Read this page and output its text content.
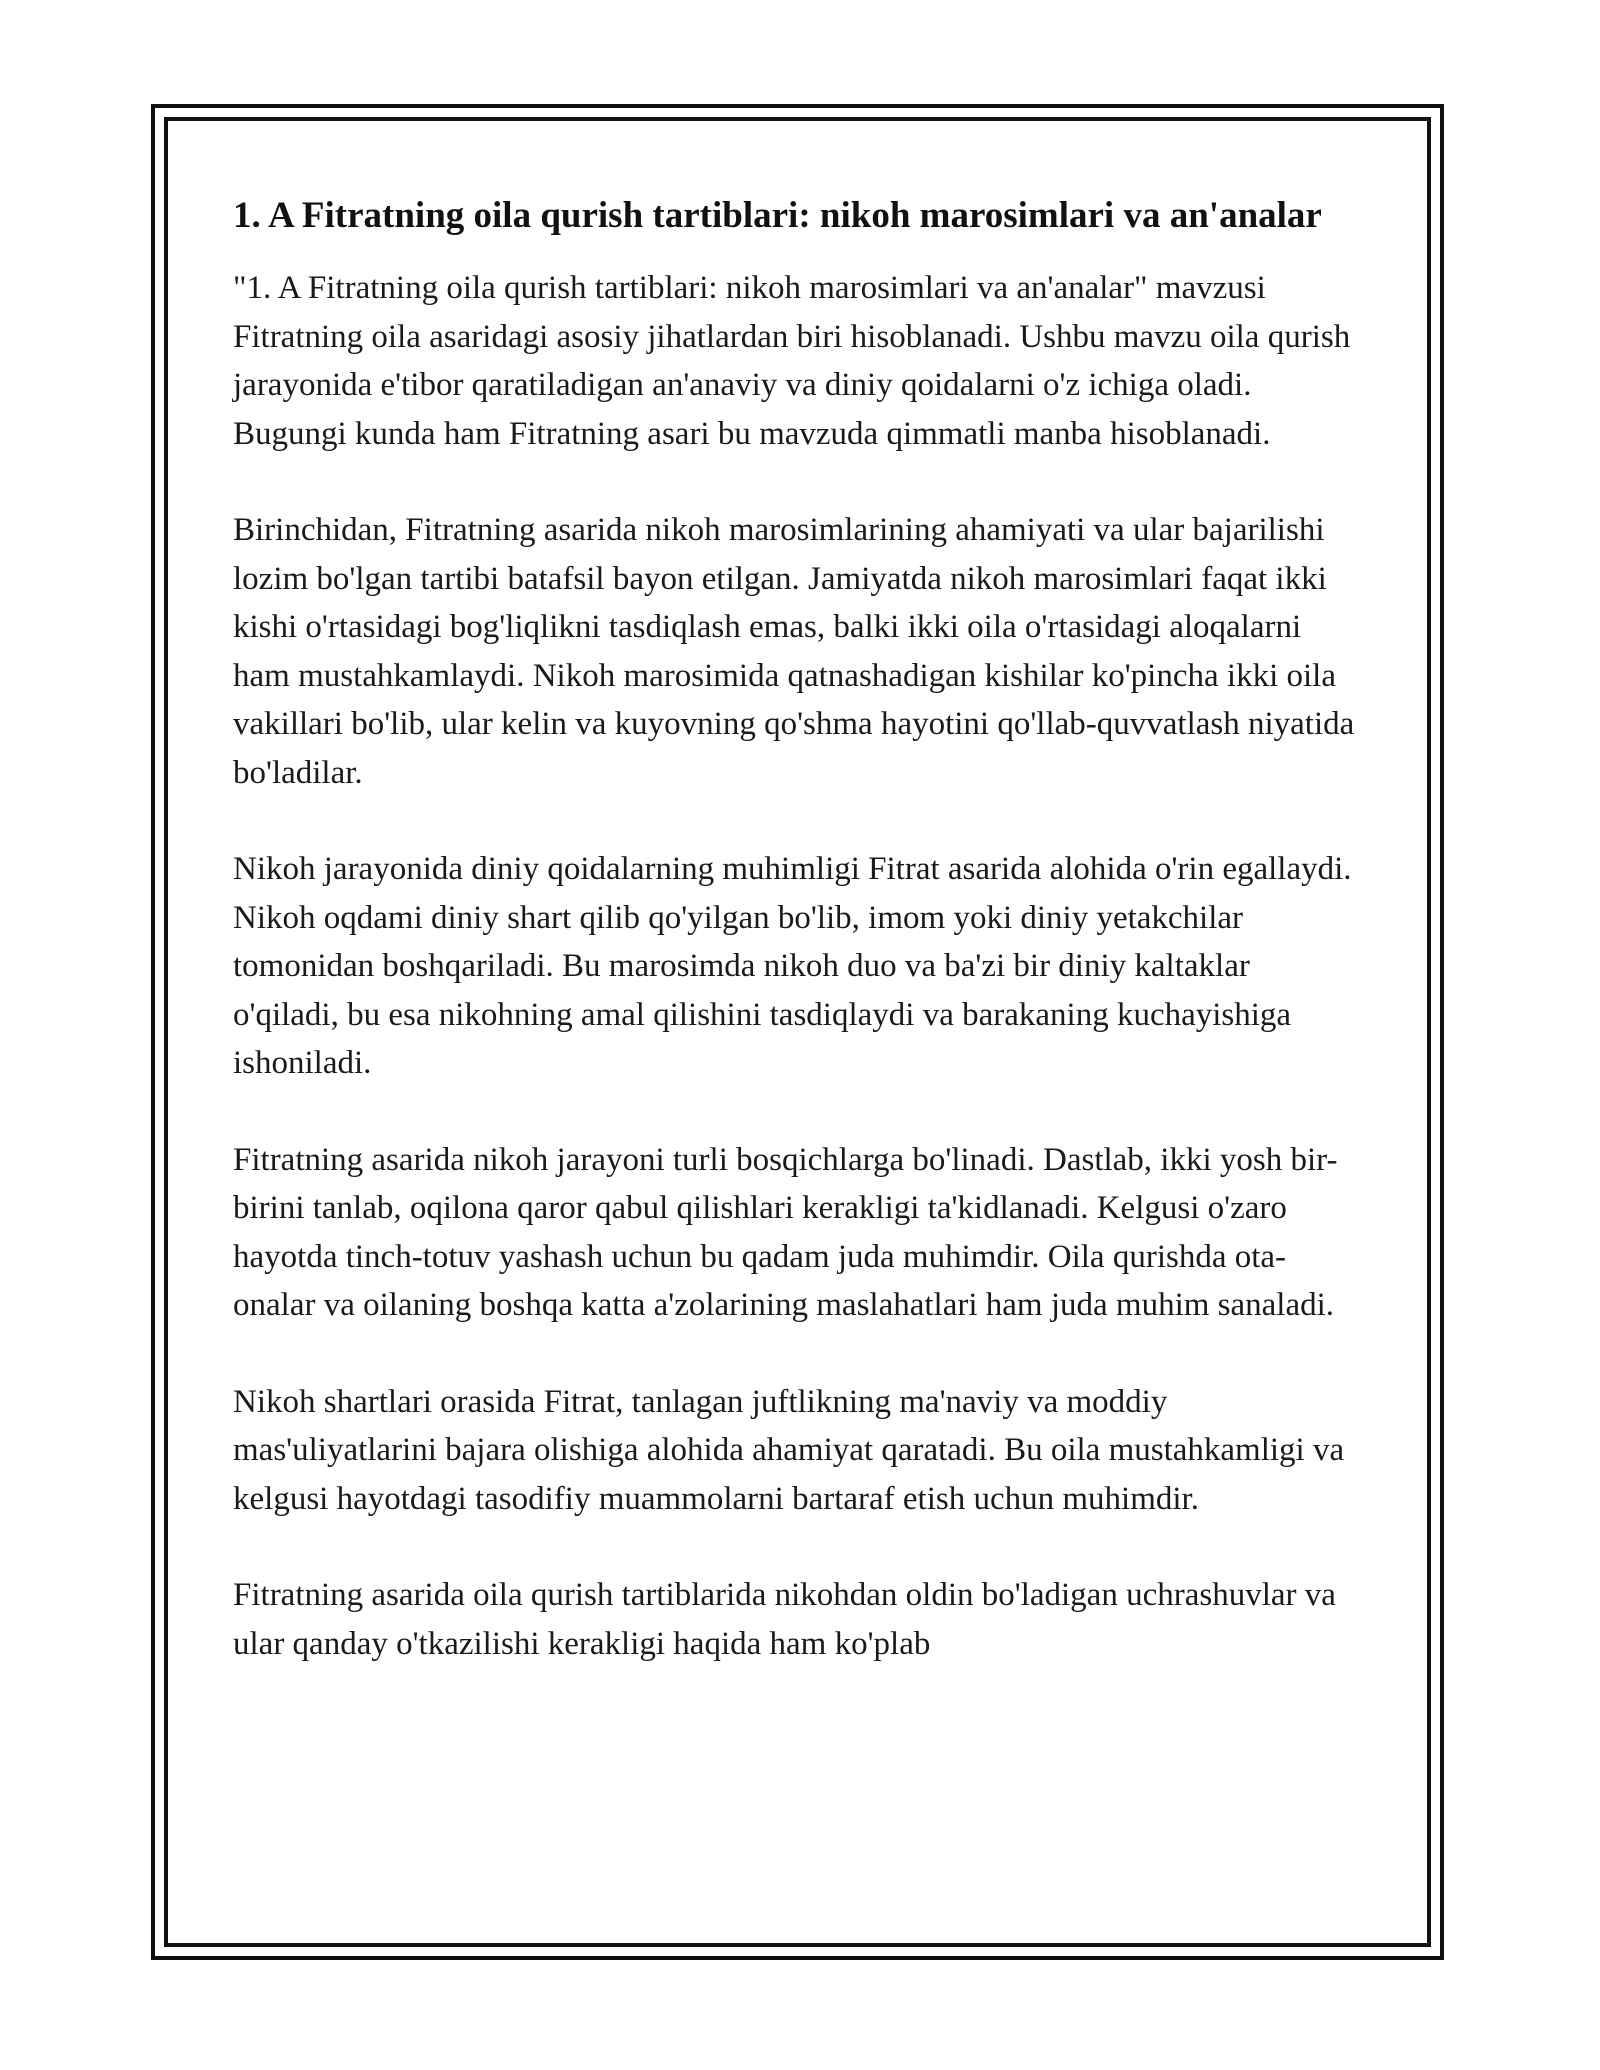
1. A Fitratning oila qurish tartiblari: nikoh marosimlari va an'analar

"1. A Fitratning oila qurish tartiblari: nikoh marosimlari va an'analar" mavzusi Fitratning oila asaridagi asosiy jihatlardan biri hisoblanadi. Ushbu mavzu oila qurish jarayonida e'tibor qaratiladigan an'anaviy va diniy qoidalarni o'z ichiga oladi. Bugungi kunda ham Fitratning asari bu mavzuda qimmatli manba hisoblanadi.

Birinchidan, Fitratning asarida nikoh marosimlarining ahamiyati va ular bajarilishi lozim bo'lgan tartibi batafsil bayon etilgan. Jamiyatda nikoh marosimlari faqat ikki kishi o'rtasidagi bog'liqlikni tasdiqlash emas, balki ikki oila o'rtasidagi aloqalarni ham mustahkamlaydi. Nikoh marosimida qatnashadigan kishilar ko'pincha ikki oila vakillari bo'lib, ular kelin va kuyovning qo'shma hayotini qo'llab-quvvatlash niyatida bo'ladilar.

Nikoh jarayonida diniy qoidalarning muhimligi Fitrat asarida alohida o'rin egallaydi. Nikoh oqdami diniy shart qilib qo'yilgan bo'lib, imom yoki diniy yetakchilar tomonidan boshqariladi. Bu marosimda nikoh duo va ba'zi bir diniy kaltaklar o'qiladi, bu esa nikohning amal qilishini tasdiqlaydi va barakaning kuchayishiga ishoniladi.

Fitratning asarida nikoh jarayoni turli bosqichlarga bo'linadi. Dastlab, ikki yosh bir-birini tanlab, oqilona qaror qabul qilishlari kerakligi ta'kidlanadi. Kelgusi o'zaro hayotda tinch-totuv yashash uchun bu qadam juda muhimdir. Oila qurishda ota-onalar va oilaning boshqa katta a'zolarining maslahatlari ham juda muhim sanaladi.

Nikoh shartlari orasida Fitrat, tanlagan juftlikning ma'naviy va moddiy mas'uliyatlarini bajara olishiga alohida ahamiyat qaratadi. Bu oila mustahkamligi va kelgusi hayotdagi tasodifiy muammolarni bartaraf etish uchun muhimdir.

Fitratning asarida oila qurish tartiblarida nikohdan oldin bo'ladigan uchrashuvlar va ular qanday o'tkazilishi kerakligi haqida ham ko'plab
